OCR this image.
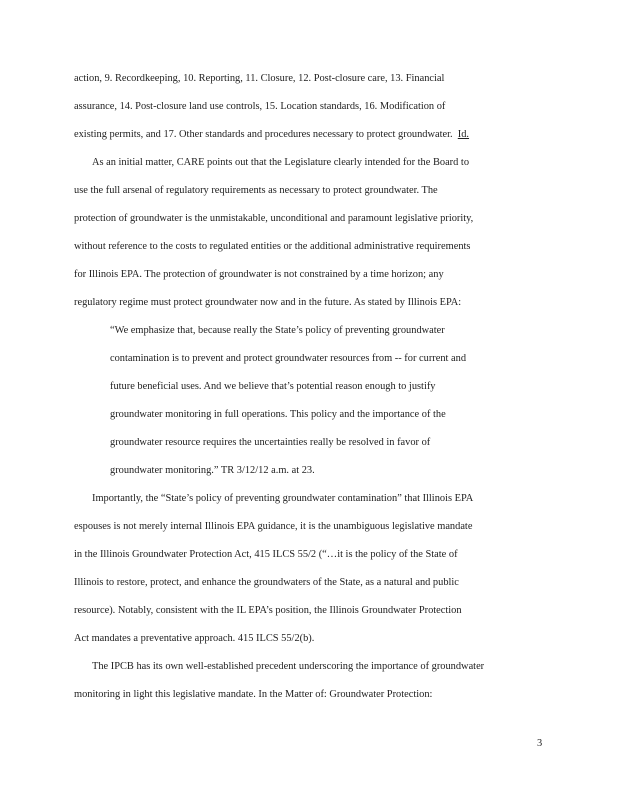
action, 9. Recordkeeping, 10. Reporting, 11. Closure, 12. Post-closure care, 13. Financial
assurance, 14. Post-closure land use controls, 15. Location standards, 16. Modification of
existing permits, and 17. Other standards and procedures necessary to protect groundwater. Id.
As an initial matter, CARE points out that the Legislature clearly intended for the Board to
use the full arsenal of regulatory requirements as necessary to protect groundwater. The
protection of groundwater is the unmistakable, unconditional and paramount legislative priority,
without reference to the costs to regulated entities or the additional administrative requirements
for Illinois EPA. The protection of groundwater is not constrained by a time horizon; any
regulatory regime must protect groundwater now and in the future. As stated by Illinois EPA:
“We emphasize that, because really the State’s policy of preventing groundwater
contamination is to prevent and protect groundwater resources from -- for current and
future beneficial uses. And we believe that’s potential reason enough to justify
groundwater monitoring in full operations. This policy and the importance of the
groundwater resource requires the uncertainties really be resolved in favor of
groundwater monitoring.” TR 3/12/12 a.m. at 23.
Importantly, the “State’s policy of preventing groundwater contamination” that Illinois EPA
espouses is not merely internal Illinois EPA guidance, it is the unambiguous legislative mandate
in the Illinois Groundwater Protection Act, 415 ILCS 55/2 (“…it is the policy of the State of
Illinois to restore, protect, and enhance the groundwaters of the State, as a natural and public
resource). Notably, consistent with the IL EPA’s position, the Illinois Groundwater Protection
Act mandates a preventative approach. 415 ILCS 55/2(b).
The IPCB has its own well-established precedent underscoring the importance of groundwater
monitoring in light this legislative mandate. In the Matter of: Groundwater Protection:
3
